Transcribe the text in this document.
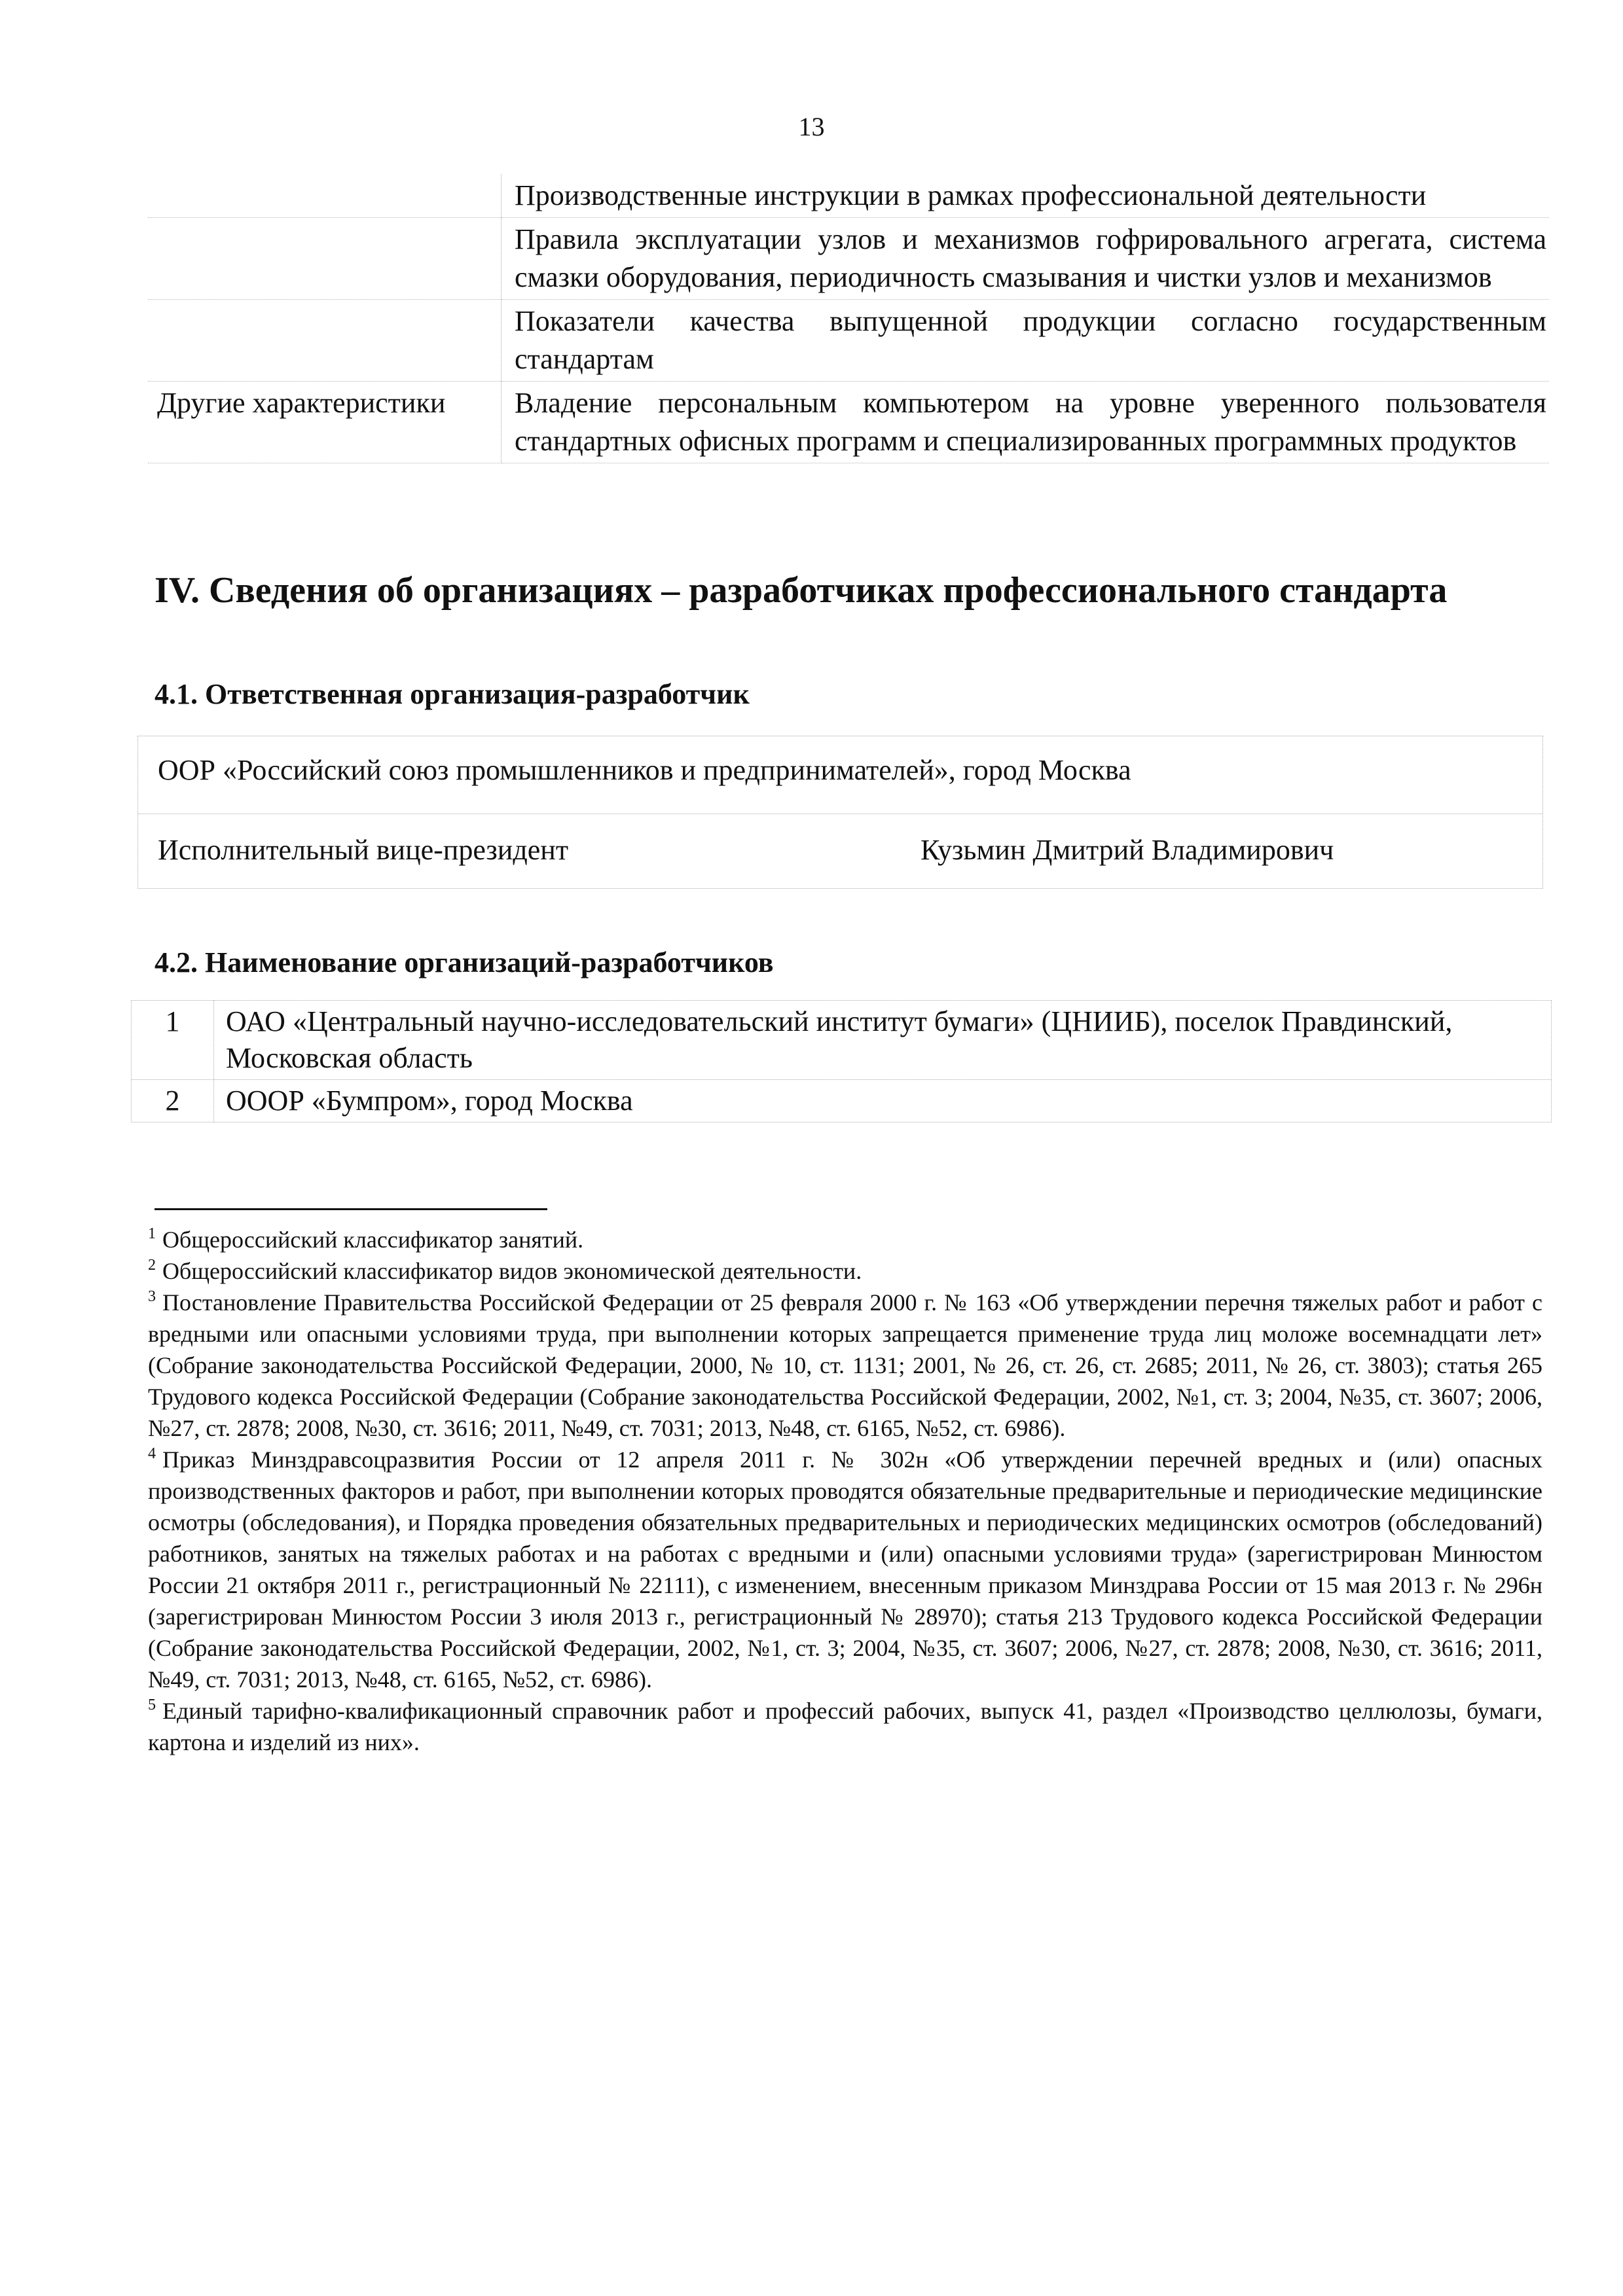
13
	Производственные инструкции в рамках профессиональной деятельности
	Правила эксплуатации узлов и механизмов гофрировального агрегата, система смазки оборудования, периодичность смазывания и чистки узлов и механизмов
	Показатели качества выпущенной продукции согласно государственным стандартам
Другие характеристики	Владение персональным компьютером на уровне уверенного пользователя стандартных офисных программ и специализированных программных продуктов
IV. Сведения об организациях – разработчиках профессионального стандарта
4.1. Ответственная организация-разработчик
ООР «Российский союз промышленников и предпринимателей», город Москва
Исполнительный вице-президент	Кузьмин Дмитрий Владимирович
4.2. Наименование организаций-разработчиков
1	ОАО «Центральный научно-исследовательский институт бумаги» (ЦНИИБ), поселок Правдинский, Московская область
2	ОООР «Бумпром», город Москва

$^1$ Общероссийский классификатор занятий.

$^2$ Общероссийский классификатор видов экономической деятельности.

$^3$ Постановление Правительства Российской Федерации от 25 февраля 2000 г. № 163 «Об утверждении перечня тяжелых работ и работ с вредными или опасными условиями труда, при выполнении которых запрещается применение труда лиц моложе восемнадцати лет» (Собрание законодательства Российской Федерации, 2000, № 10, ст. 1131; 2001, № 26, ст. 26, ст. 2685; 2011, № 26, ст. 3803); статья 265 Трудового кодекса Российской Федерации (Собрание законодательства Российской Федерации, 2002, №1, ст. 3; 2004, №35, ст. 3607; 2006, №27, ст. 2878; 2008, №30, ст. 3616; 2011, №49, ст. 7031; 2013, №48, ст. 6165, №52, ст. 6986).

$^4$ Приказ Минздравсоцразвития России от 12 апреля 2011 г. № 302н «Об утверждении перечней вредных и (или) опасных производственных факторов и работ, при выполнении которых проводятся обязательные предварительные и периодические медицинские осмотры (обследования), и Порядка проведения обязательных предварительных и периодических медицинских осмотров (обследований) работников, занятых на тяжелых работах и на работах с вредными и (или) опасными условиями труда» (зарегистрирован Минюстом России 21 октября 2011 г., регистрационный № 22111), с изменением, внесенным приказом Минздрава России от 15 мая 2013 г. № 296н (зарегистрирован Минюстом России 3 июля 2013 г., регистрационный № 28970); статья 213 Трудового кодекса Российской Федерации (Собрание законодательства Российской Федерации, 2002, №1, ст. 3; 2004, №35, ст. 3607; 2006, №27, ст. 2878; 2008, №30, ст. 3616; 2011, №49, ст. 7031; 2013, №48, ст. 6165, №52, ст. 6986).

$^5$ Единый тарифно-квалификационный справочник работ и профессий рабочих, выпуск 41, раздел «Производство целлюлозы, бумаги, картона и изделий из них».
